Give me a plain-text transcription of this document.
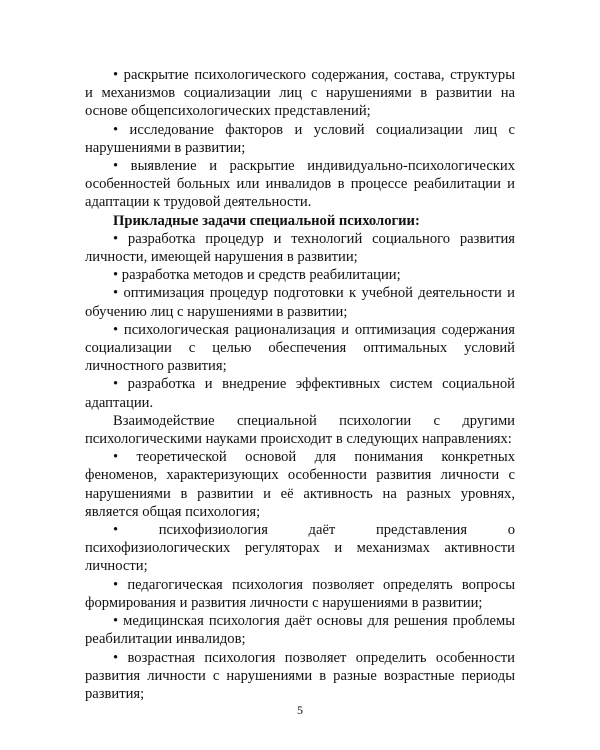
• раскрытие психологического содержания, состава, структуры и механизмов социализации лиц с нарушениями в развитии на основе общепсихологических представлений;

• исследование факторов и условий социализации лиц с нарушениями в развитии;

• выявление и раскрытие индивидуально-психологических особенностей больных или инвалидов в процессе реабилитации и адаптации к трудовой деятельности.

Прикладные задачи специальной психологии:

• разработка процедур и технологий социального развития личности, имеющей нарушения в развитии;

• разработка методов и средств реабилитации;

• оптимизация процедур подготовки к учебной деятельности и обучению лиц с нарушениями в развитии;

• психологическая рационализация и оптимизация содержания социализации с целью обеспечения оптимальных условий личностного развития;

• разработка и внедрение эффективных систем социальной адаптации.

Взаимодействие специальной психологии с другими психологическими науками происходит в следующих направлениях:

• теоретической основой для понимания конкретных феноменов, характеризующих особенности развития личности с нарушениями в развитии и её активность на разных уровнях, является общая психология;

•	психофизиология даёт представления о психофизиологических регуляторах и механизмах активности личности;

• педагогическая психология позволяет определять вопросы формирования и развития личности с нарушениями в развитии;

• медицинская психология даёт основы для решения проблемы реабилитации инвалидов;

• возрастная психология позволяет определить особенности развития личности с нарушениями в разные возрастные периоды развития;

5
